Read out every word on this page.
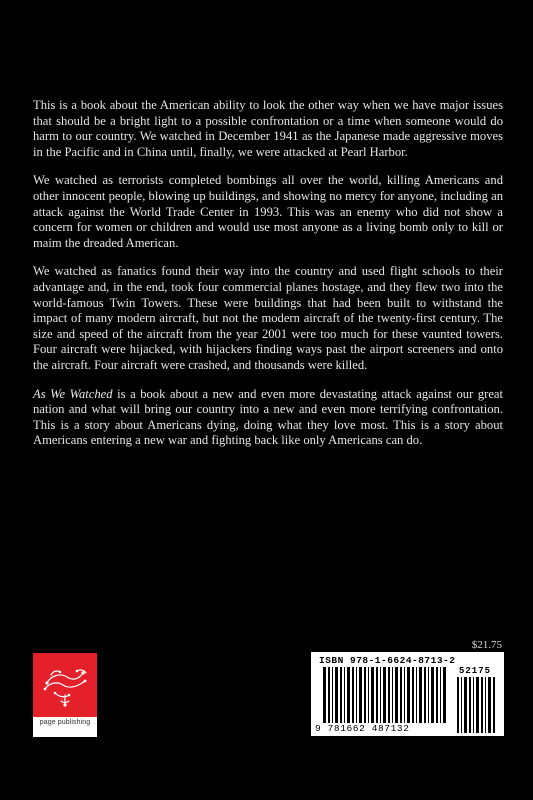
This is a book about the American ability to look the other way when we have major issues that should be a bright light to a possible confrontation or a time when someone would do harm to our country. We watched in December 1941 as the Japanese made aggressive moves in the Pacific and in China until, finally, we were attacked at Pearl Harbor.

We watched as terrorists completed bombings all over the world, killing Americans and other innocent people, blowing up buildings, and showing no mercy for anyone, including an attack against the World Trade Center in 1993. This was an enemy who did not show a concern for women or children and would use most anyone as a living bomb only to kill or maim the dreaded American.

We watched as fanatics found their way into the country and used flight schools to their advantage and, in the end, took four commercial planes hostage, and they flew two into the world-famous Twin Towers. These were buildings that had been built to withstand the impact of many modern aircraft, but not the modern aircraft of the twenty-first century. The size and speed of the aircraft from the year 2001 were too much for these vaunted towers. Four aircraft were hijacked, with hijackers finding ways past the airport screeners and onto the aircraft. Four aircraft were crashed, and thousands were killed.

As We Watched is a book about a new and even more devastating attack against our great nation and what will bring our country into a new and even more terrifying confrontation. This is a story about Americans dying, doing what they love most. This is a story about Americans entering a new war and fighting back like only Americans can do.

page publishing
$21.75
ISBN 978-1-6624-8713-2
52175
9 781662 487132
